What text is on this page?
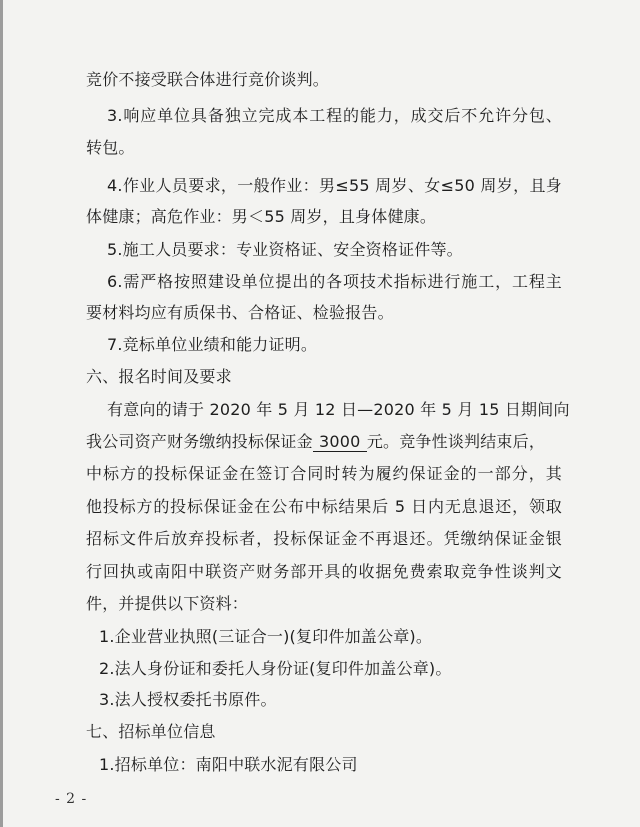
竞价不接受联合体进行竞价谈判。
3.响应单位具备独立完成本工程的能力，成交后不允许分包、
转包。
4.作业人员要求，一般作业：男≤55 周岁、女≤50 周岁，且身
体健康；高危作业：男＜55 周岁，且身体健康。
5.施工人员要求：专业资格证、安全资格证件等。
6.需严格按照建设单位提出的各项技术指标进行施工，工程主
要材料均应有质保书、合格证、检验报告。
7.竞标单位业绩和能力证明。
六、报名时间及要求
有意向的请于 2020 年 5 月 12 日—2020 年 5 月 15 日期间向
我公司资产财务缴纳投标保证金 3000 元。竞争性谈判结束后，
中标方的投标保证金在签订合同时转为履约保证金的一部分，其
他投标方的投标保证金在公布中标结果后 5 日内无息退还，领取
招标文件后放弃投标者，投标保证金不再退还。凭缴纳保证金银
行回执或南阳中联资产财务部开具的收据免费索取竞争性谈判文
件，并提供以下资料：
1.企业营业执照(三证合一)(复印件加盖公章)。
2.法人身份证和委托人身份证(复印件加盖公章)。
3.法人授权委托书原件。
七、招标单位信息
1.招标单位：南阳中联水泥有限公司
- 2 -
